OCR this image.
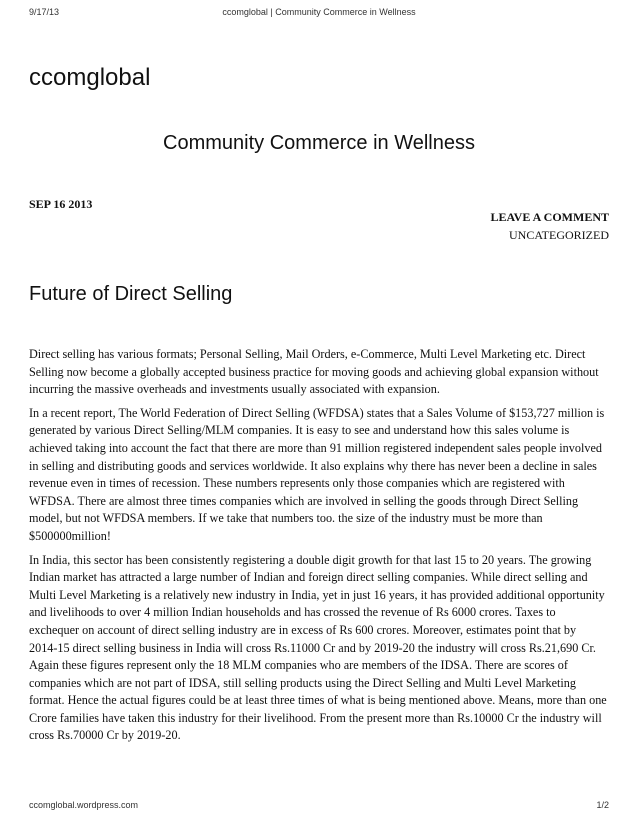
9/17/13	ccomglobal | Community Commerce in Wellness
ccomglobal
Community Commerce in Wellness
SEP 16 2013
LEAVE A COMMENT
UNCATEGORIZED
Future of Direct Selling

Direct selling has various formats; Personal Selling, Mail Orders, e-Commerce, Multi Level Marketing etc. Direct Selling now become a globally accepted business practice for moving goods and achieving global expansion without incurring the massive overheads and investments usually associated with expansion.

In a recent report, The World Federation of Direct Selling (WFDSA) states that a Sales Volume of $153,727 million is generated by various Direct Selling/MLM companies. It is easy to see and understand how this sales volume is achieved taking into account the fact that there are more than 91 million registered independent sales people involved in selling and distributing goods and services worldwide. It also explains why there has never been a decline in sales revenue even in times of recession. These numbers represents only those companies which are registered with WFDSA. There are almost three times companies which are involved in selling the goods through Direct Selling model, but not WFDSA members. If we take that numbers too. the size of the industry must be more than $500000million!

In India, this sector has been consistently registering a double digit growth for that last 15 to 20 years. The growing Indian market has attracted a large number of Indian and foreign direct selling companies. While direct selling and Multi Level Marketing is a relatively new industry in India, yet in just 16 years, it has provided additional opportunity and livelihoods to over 4 million Indian households and has crossed the revenue of Rs 6000 crores. Taxes to exchequer on account of direct selling industry are in excess of Rs 600 crores. Moreover, estimates point that by 2014-15 direct selling business in India will cross Rs.11000 Cr and by 2019-20 the industry will cross Rs.21,690 Cr. Again these figures represent only the 18 MLM companies who are members of the IDSA. There are scores of companies which are not part of IDSA, still selling products using the Direct Selling and Multi Level Marketing format. Hence the actual figures could be at least three times of what is being mentioned above. Means, more than one Crore families have taken this industry for their livelihood. From the present more than Rs.10000 Cr the industry will cross Rs.70000 Cr by 2019-20.

ccomglobal.wordpress.com	1/2
